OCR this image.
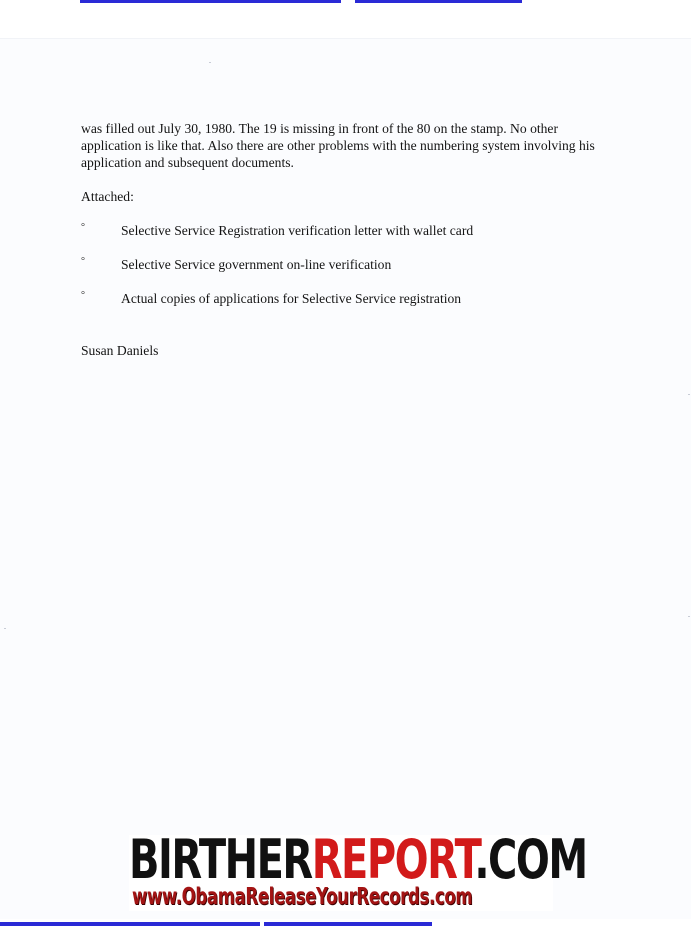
was filled out July 30, 1980. The 19 is missing in front of the 80 on the stamp. No other application is like that. Also there are other problems with the numbering system involving his application and subsequent documents.

Attached:

°	Selective Service Registration verification letter with wallet card
°	Selective Service government on-line verification
°	Actual copies of applications for Selective Service registration

Susan Daniels

BIRTHERREPORT.COM
www.ObamaReleaseYourRecords.com
